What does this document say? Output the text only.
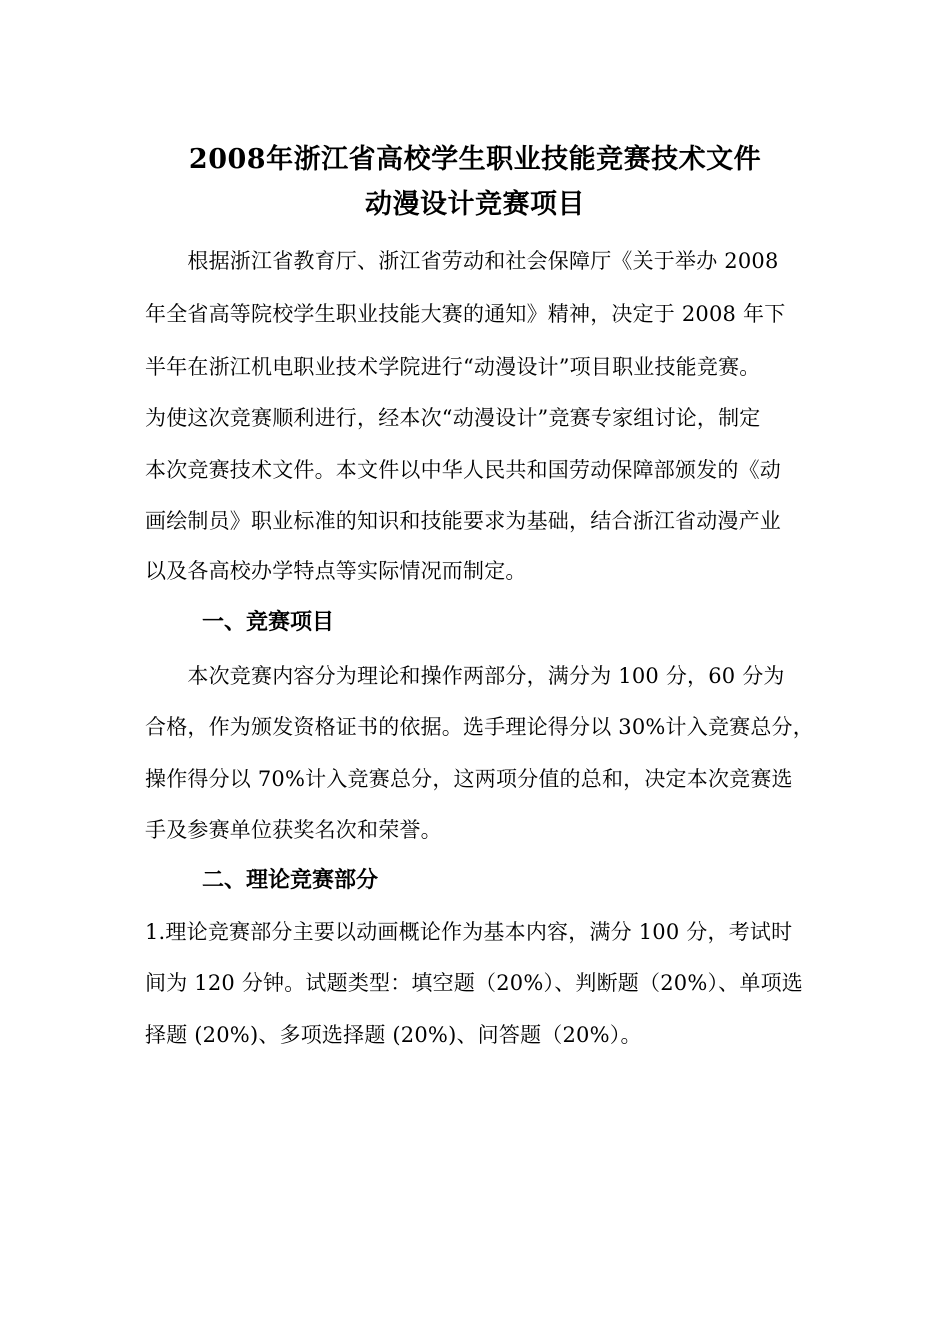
2008年浙江省高校学生职业技能竞赛技术文件
动漫设计竞赛项目
　　根据浙江省教育厅、浙江省劳动和社会保障厅《关于举办 2008
年全省高等院校学生职业技能大赛的通知》精神，决定于 2008 年下
半年在浙江机电职业技术学院进行“动漫设计”项目职业技能竞赛。
为使这次竞赛顺利进行，经本次“动漫设计”竞赛专家组讨论，制定
本次竞赛技术文件。本文件以中华人民共和国劳动保障部颁发的《动
画绘制员》职业标准的知识和技能要求为基础，结合浙江省动漫产业
以及各高校办学特点等实际情况而制定。
一、竞赛项目
　　本次竞赛内容分为理论和操作两部分，满分为 100 分，60 分为
合格，作为颁发资格证书的依据。选手理论得分以 30%计入竞赛总分，
操作得分以 70%计入竞赛总分，这两项分值的总和，决定本次竞赛选
手及参赛单位获奖名次和荣誉。
二、理论竞赛部分
1.理论竞赛部分主要以动画概论作为基本内容，满分 100 分，考试时
间为 120 分钟。试题类型：填空题（20%）、判断题（20%）、单项选
择题 (20%)、多项选择题 (20%)、问答题（20%）。
